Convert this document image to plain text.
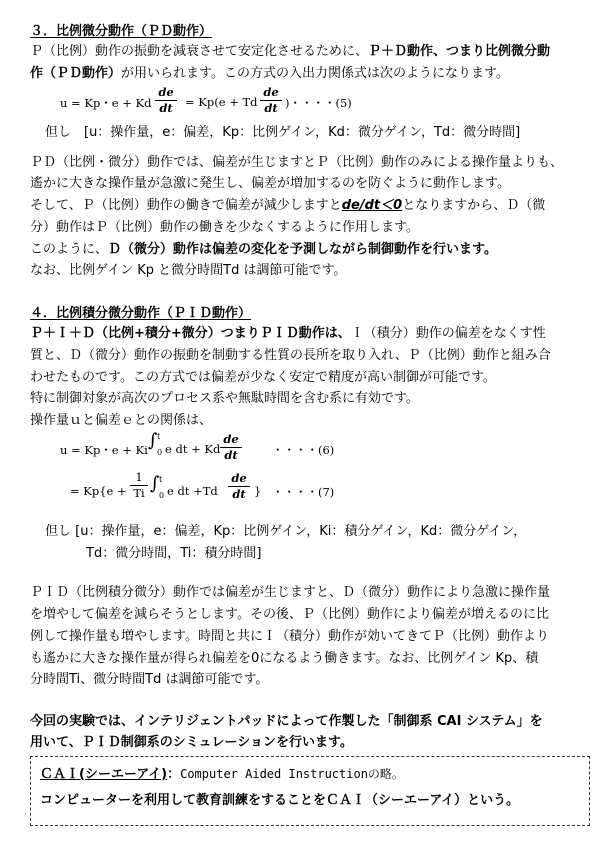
３．比例微分動作（ＰＤ動作）
Ｐ（比例）動作の振動を減衰させて安定化させるために、Ｐ＋Ｄ動作、つまり比例微分動
作（ＰＤ動作）が用いられます。この方式の入出力関係式は次のようになります。
u = Kp・e + Kd
de
dt	= Kp(e + Td
de
dt )・・・・(5)
但し　[u：操作量，e：偏差，Kp：比例ゲイン，Kd：微分ゲイン，Td：微分時間]
ＰＤ（比例・微分）動作では、偏差が生じますとＰ（比例）動作のみによる操作量よりも、
遙かに大きな操作量が急激に発生し、偏差が増加するのを防ぐように動作します。
そして、Ｐ（比例）動作の働きで偏差が減少しますとde/dt＜0となりますから、Ｄ（微
分）動作はＰ（比例）動作の働きを少なくするように作用します。
このように、Ｄ（微分）動作は偏差の変化を予測しながら制御動作を行います。
なお、比例ゲイン Kp と微分時間Td は調節可能です。
４．比例積分微分動作（ＰＩＤ動作）
Ｐ＋Ｉ＋Ｄ（比例+積分+微分）つまりＰＩＤ動作は、Ｉ（積分）動作の偏差をなくす性
質と、Ｄ（微分）動作の振動を制動する性質の長所を取り入れ、Ｐ（比例）動作と組み合
わせたものです。この方式では偏差が少なく安定で精度が高い制御が可能です。
特に制御対象が高次のプロセス系や無駄時間を含む系に有効です。
操作量ｕと偏差ｅとの関係は、
u = Kp・e + Ki ∫ t
0 e dt + Kd
de
dt	・・・・(6)
= Kp{e +
1
Ti ∫ t
0 e dt +Td
de
dt } ・・・・(7)
但し [u：操作量，e：偏差，Kp：比例ゲイン，Ki：積分ゲイン，Kd：微分ゲイン，
Td：微分時間，Ti：積分時間]
ＰＩＤ（比例積分微分）動作では偏差が生じますと、Ｄ（微分）動作により急激に操作量
を増やして偏差を減らそうとします。その後、Ｐ（比例）動作により偏差が増えるのに比
例して操作量も増やします。時間と共にＩ（積分）動作が効いてきてＰ（比例）動作より
も遙かに大きな操作量が得られ偏差を0になるよう働きます。なお、比例ゲイン Kp、積
分時間Ti、微分時間Td は調節可能です。
今回の実験では、インテリジェントパッドによって作製した「制御系 CAI システム」を
用いて、ＰＩＤ制御系のシミュレーションを行います。
ＣＡＩ(シーエーアイ)：Computer Aided Instructionの略。
コンピューターを利用して教育訓練をすることをＣＡＩ（シーエーアイ）という。
